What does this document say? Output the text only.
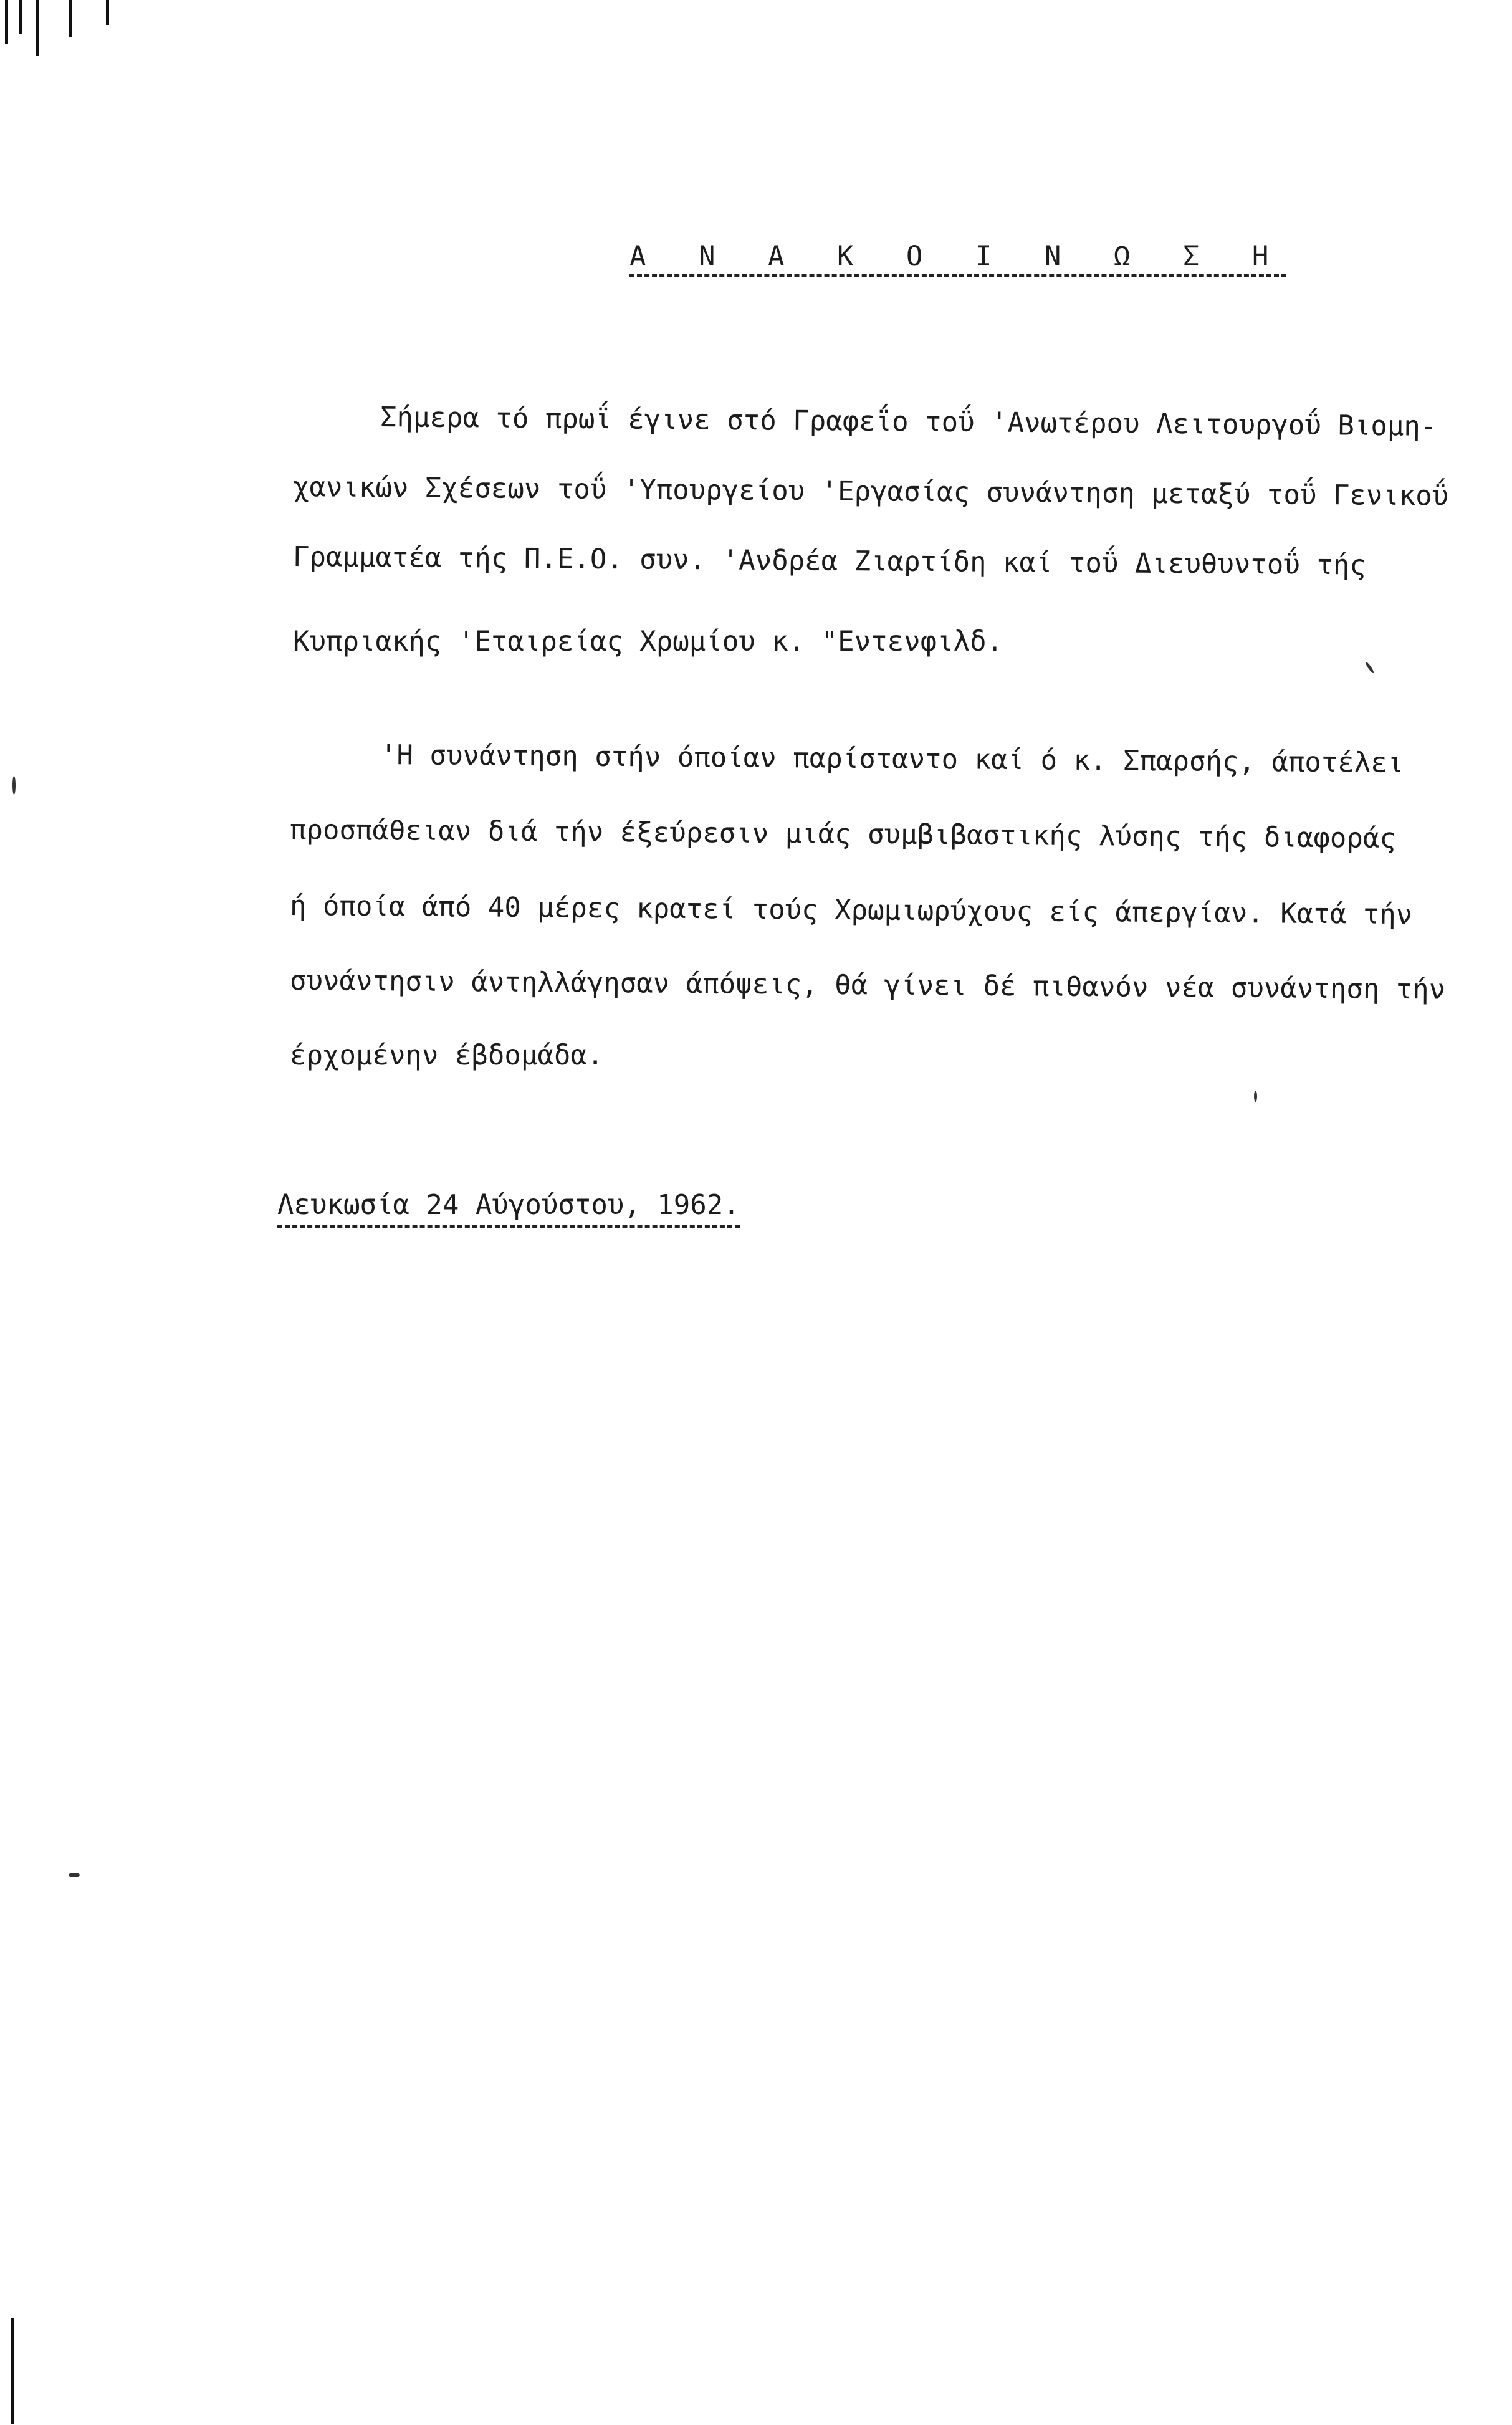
Α Ν Α Κ Ο Ι Ν Ω Σ Η
Σήμερα τό πρωΐ έγινε στό Γραφεΐο τοΰ 'Ανωτέρου Λειτουργοΰ Βιομη-
χανικών Σχέσεων τοΰ 'Υπουργείου 'Εργασίας συνάντηση μεταξύ τοΰ Γενικοΰ
Γραμματέα τής Π.Ε.Ο. συν. 'Ανδρέα Ζιαρτίδη καί τοΰ Διευθυντοΰ τής
Κυπριακής 'Εταιρείας Χρωμίου κ. "Εντενφιλδ.
'Η συνάντηση στήν όποίαν παρίσταντο καί ό κ. Σπαρσής, άποτέλει
προσπάθειαν διά τήν έξεύρεσιν μιάς συμβιβαστικής λύσης τής διαφοράς
ή όποία άπό 40 μέρες κρατεί τούς Χρωμιωρύχους είς άπεργίαν. Κατά τήν
συνάντησιν άντηλλάγησαν άπόψεις, θά γίνει δέ πιθανόν νέα συνάντηση τήν
έρχομένην έβδομάδα.
Λευκωσία 24 Αύγούστου, 1962.
